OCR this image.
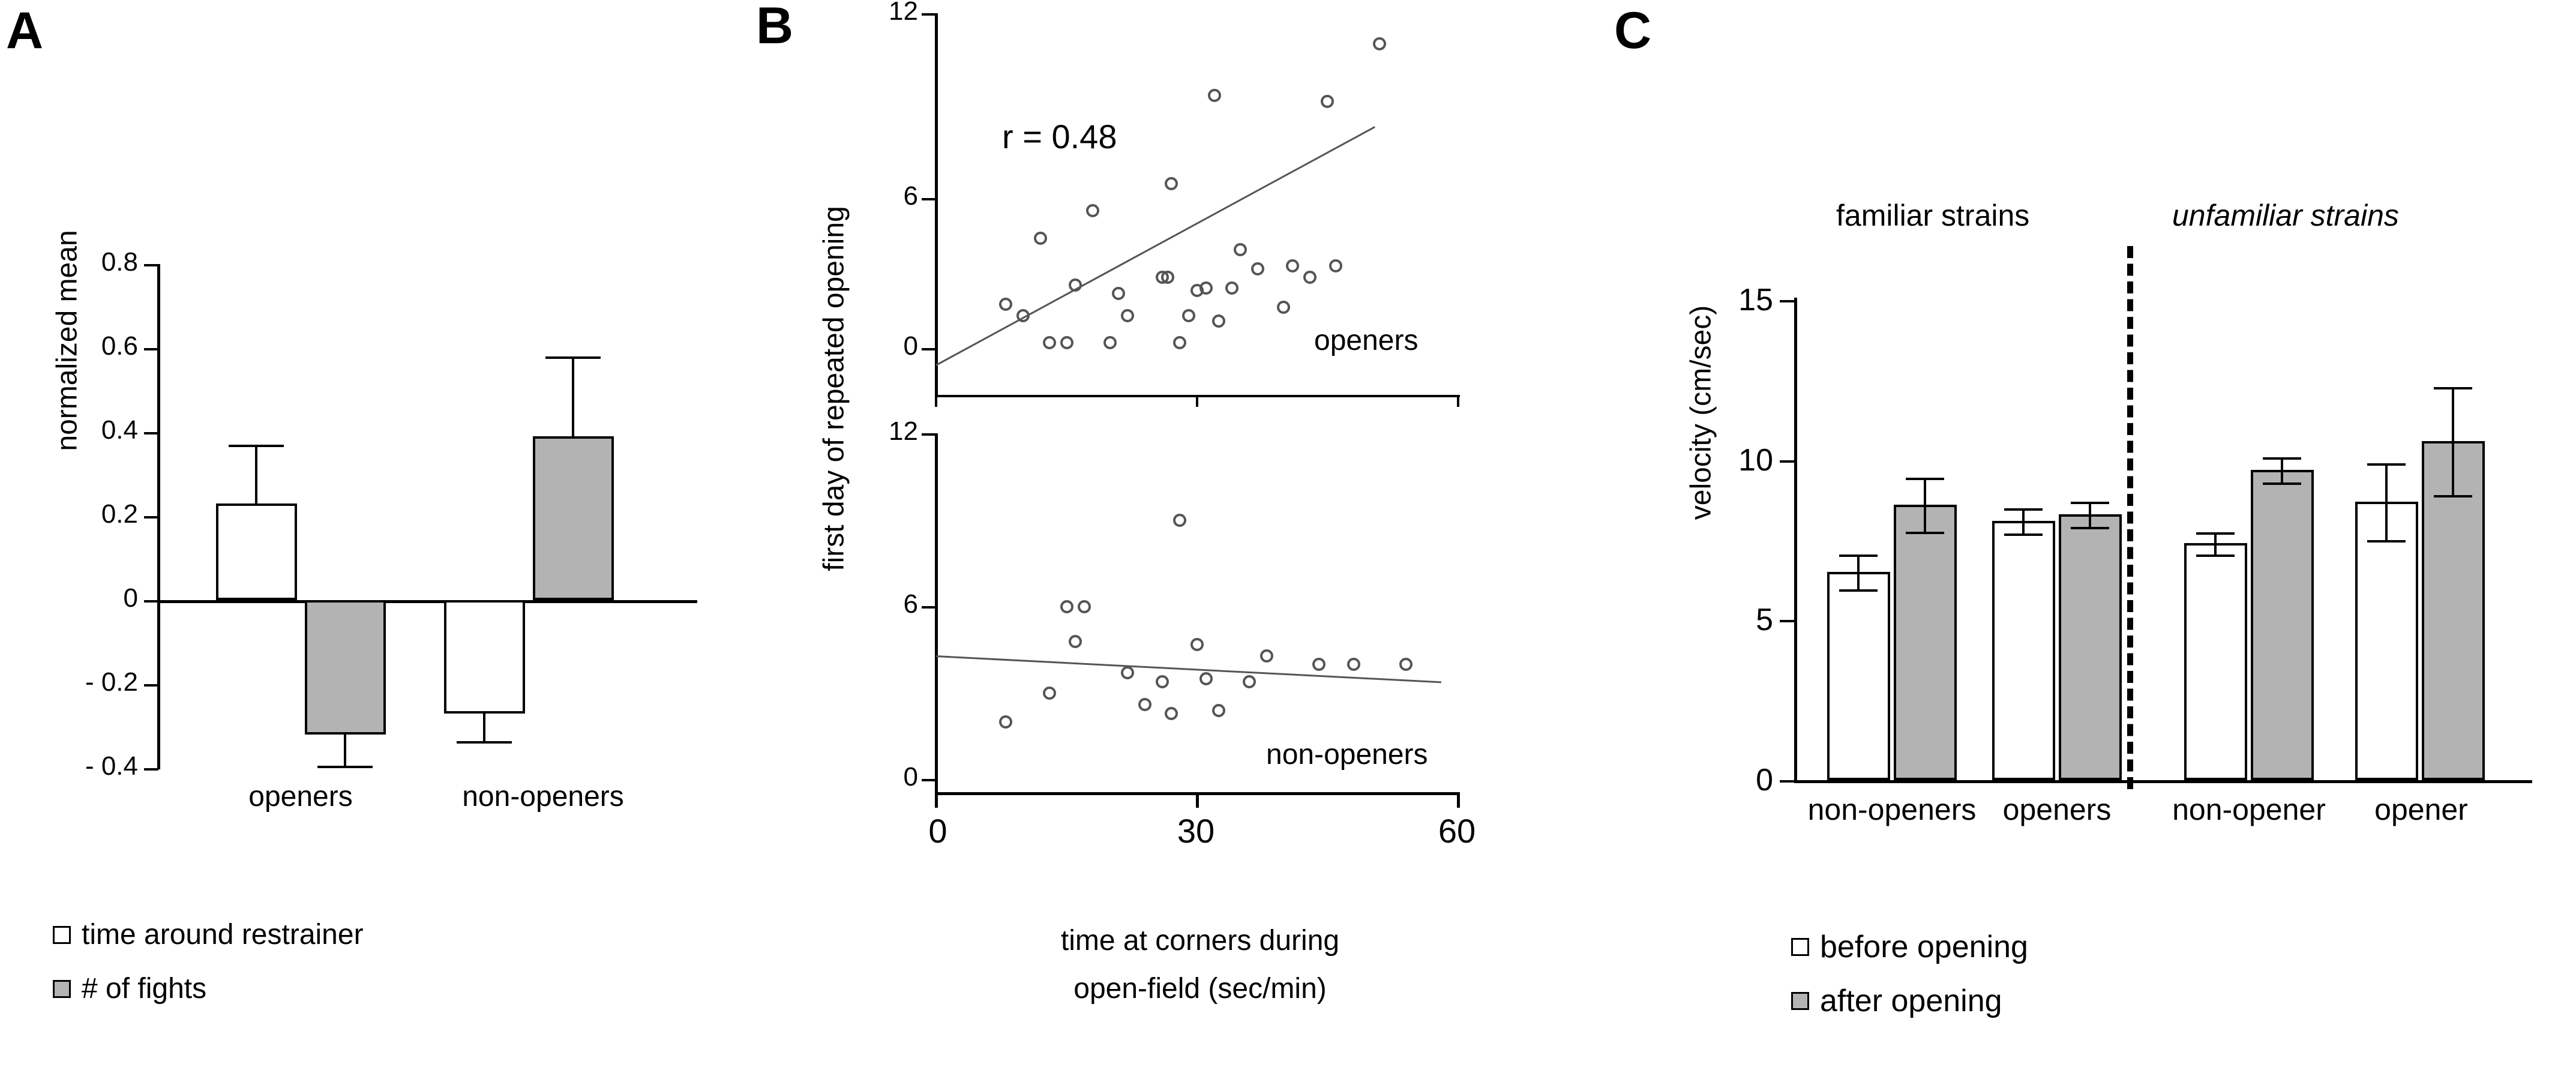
A
normalized mean 0.8
0.6
0.4
0.2
0
- 0.2
- 0.4
openers	non-openers
time around restrainer
# of fights
B
first day of repeated opening
12
6
0
r = 0.48
openers
12
6
0
0	30	60
non-openers
time at corners during
open-field (sec/min)
C
velocity (cm/sec)
15
10
5
0
familiar strains	unfamiliar strains
non-openers openers	non-opener	opener
before opening
after opening
